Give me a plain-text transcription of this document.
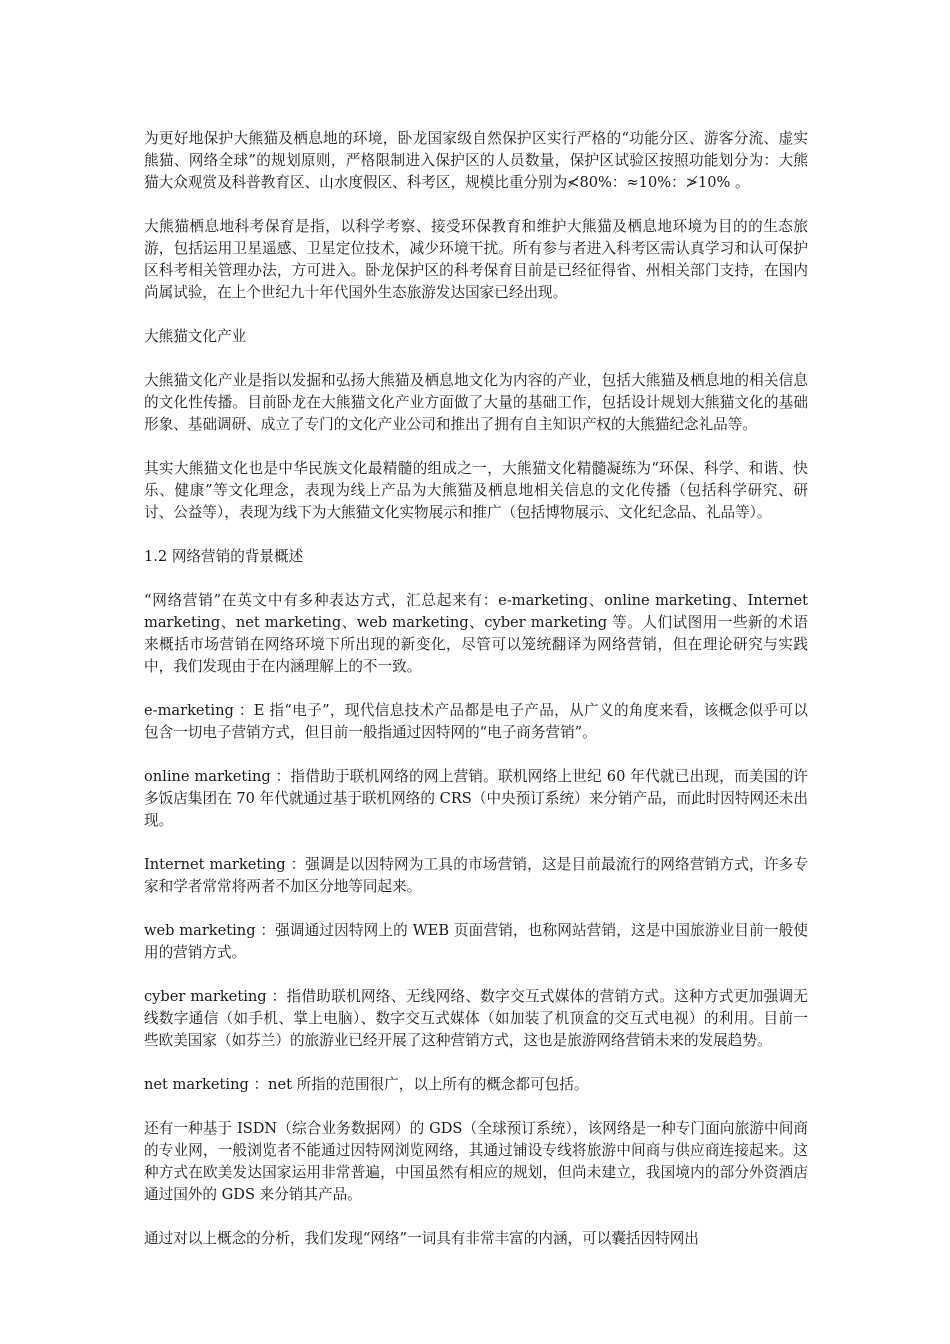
为更好地保护大熊猫及栖息地的环境，卧龙国家级自然保护区实行严格的“功能分区、游客分流、虚实熊猫、网络全球”的规划原则，严格限制进入保护区的人员数量，保护区试验区按照功能划分为：大熊猫大众观赏及科普教育区、山水度假区、科考区，规模比重分别为≮80%：≈10%：≯10% 。

大熊猫栖息地科考保育是指，以科学考察、接受环保教育和维护大熊猫及栖息地环境为目的的生态旅游，包括运用卫星遥感、卫星定位技术，减少环境干扰。所有参与者进入科考区需认真学习和认可保护区科考相关管理办法，方可进入。卧龙保护区的科考保育目前是已经征得省、州相关部门支持，在国内尚属试验，在上个世纪九十年代国外生态旅游发达国家已经出现。

大熊猫文化产业

大熊猫文化产业是指以发掘和弘扬大熊猫及栖息地文化为内容的产业，包括大熊猫及栖息地的相关信息的文化性传播。目前卧龙在大熊猫文化产业方面做了大量的基础工作，包括设计规划大熊猫文化的基础形象、基础调研、成立了专门的文化产业公司和推出了拥有自主知识产权的大熊猫纪念礼品等。

其实大熊猫文化也是中华民族文化最精髓的组成之一，大熊猫文化精髓凝练为“环保、科学、和谐、快乐、健康”等文化理念，表现为线上产品为大熊猫及栖息地相关信息的文化传播（包括科学研究、研讨、公益等），表现为线下为大熊猫文化实物展示和推广（包括博物展示、文化纪念品、礼品等）。

1.2 网络营销的背景概述

“网络营销”在英文中有多种表达方式，汇总起来有：e-marketing、online marketing、Internet marketing、net marketing、web marketing、cyber marketing 等。人们试图用一些新的术语来概括市场营销在网络环境下所出现的新变化，尽管可以笼统翻译为网络营销，但在理论研究与实践中，我们发现由于在内涵理解上的不一致。

e-marketing ：E 指“电子”，现代信息技术产品都是电子产品，从广义的角度来看，该概念似乎可以包含一切电子营销方式，但目前一般指通过因特网的“电子商务营销”。

online marketing ：指借助于联机网络的网上营销。联机网络上世纪 60 年代就已出现，而美国的许多饭店集团在 70 年代就通过基于联机网络的 CRS（中央预订系统）来分销产品，而此时因特网还未出现。

Internet marketing ：强调是以因特网为工具的市场营销，这是目前最流行的网络营销方式，许多专家和学者常常将两者不加区分地等同起来。

web marketing ：强调通过因特网上的 WEB 页面营销，也称网站营销，这是中国旅游业目前一般使用的营销方式。

cyber marketing ：指借助联机网络、无线网络、数字交互式媒体的营销方式。这种方式更加强调无线数字通信（如手机、掌上电脑）、数字交互式媒体（如加装了机顶盒的交互式电视）的利用。目前一些欧美国家（如芬兰）的旅游业已经开展了这种营销方式，这也是旅游网络营销未来的发展趋势。

net marketing ：net 所指的范围很广，以上所有的概念都可包括。

还有一种基于 ISDN（综合业务数据网）的 GDS（全球预订系统），该网络是一种专门面向旅游中间商的专业网，一般浏览者不能通过因特网浏览网络，其通过铺设专线将旅游中间商与供应商连接起来。这种方式在欧美发达国家运用非常普遍，中国虽然有相应的规划，但尚未建立，我国境内的部分外资酒店通过国外的 GDS 来分销其产品。

通过对以上概念的分析，我们发现“网络”一词具有非常丰富的内涵，可以囊括因特网出
